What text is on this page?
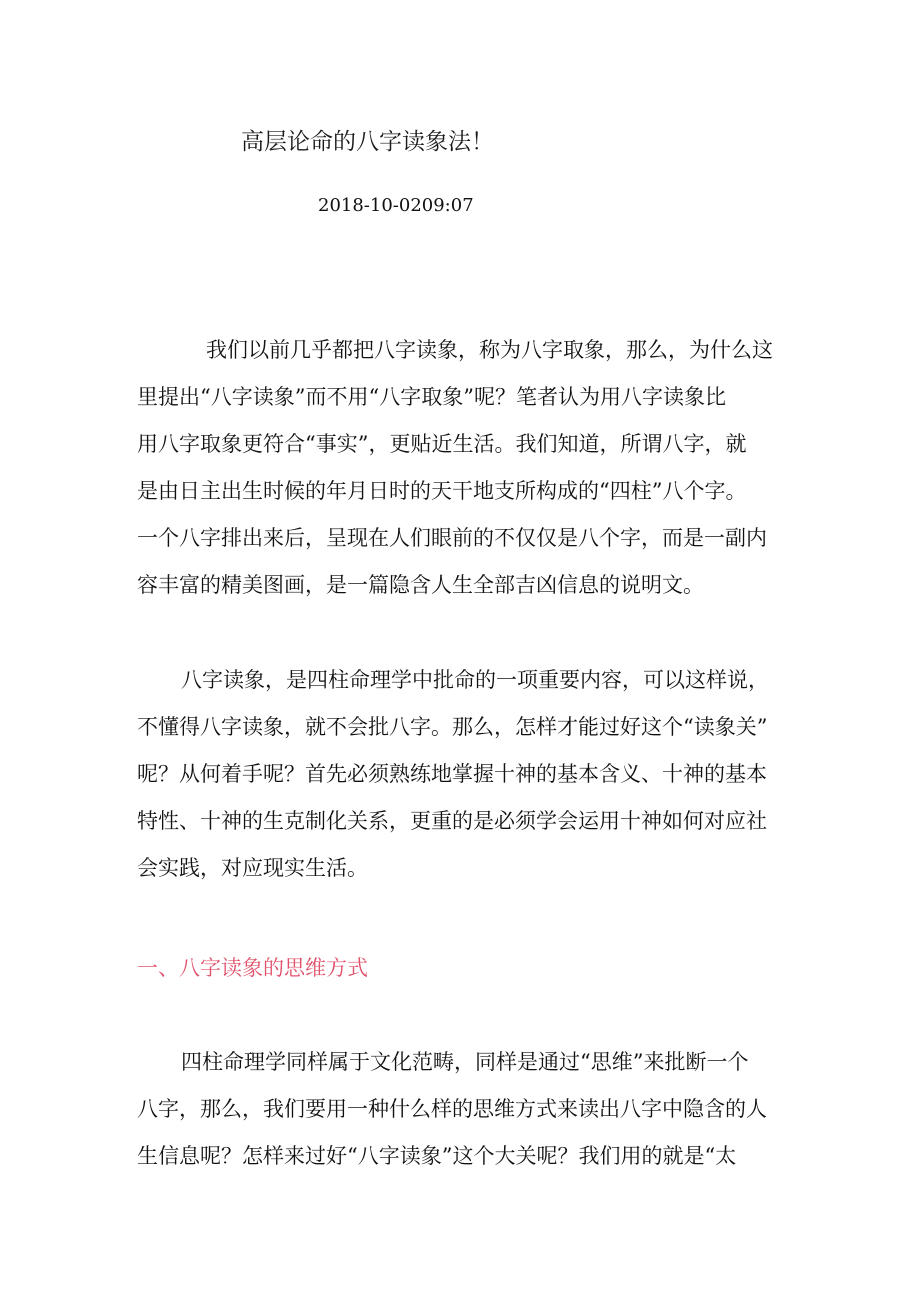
高层论命的八字读象法！
2018-10-0209:07
我们以前几乎都把八字读象，称为八字取象，那么，为什么这
里提出“八字读象”而不用“八字取象”呢？笔者认为用八字读象比
用八字取象更符合“事实”，更贴近生活。我们知道，所谓八字，就
是由日主出生时候的年月日时的天干地支所构成的“四柱”八个字。
一个八字排出来后，呈现在人们眼前的不仅仅是八个字，而是一副内
容丰富的精美图画，是一篇隐含人生全部吉凶信息的说明文。
八字读象，是四柱命理学中批命的一项重要内容，可以这样说，
不懂得八字读象，就不会批八字。那么，怎样才能过好这个“读象关”
呢？从何着手呢？首先必须熟练地掌握十神的基本含义、十神的基本
特性、十神的生克制化关系，更重的是必须学会运用十神如何对应社
会实践，对应现实生活。
一、八字读象的思维方式
四柱命理学同样属于文化范畴，同样是通过“思维”来批断一个
八字，那么，我们要用一种什么样的思维方式来读出八字中隐含的人
生信息呢？怎样来过好“八字读象”这个大关呢？我们用的就是“太
